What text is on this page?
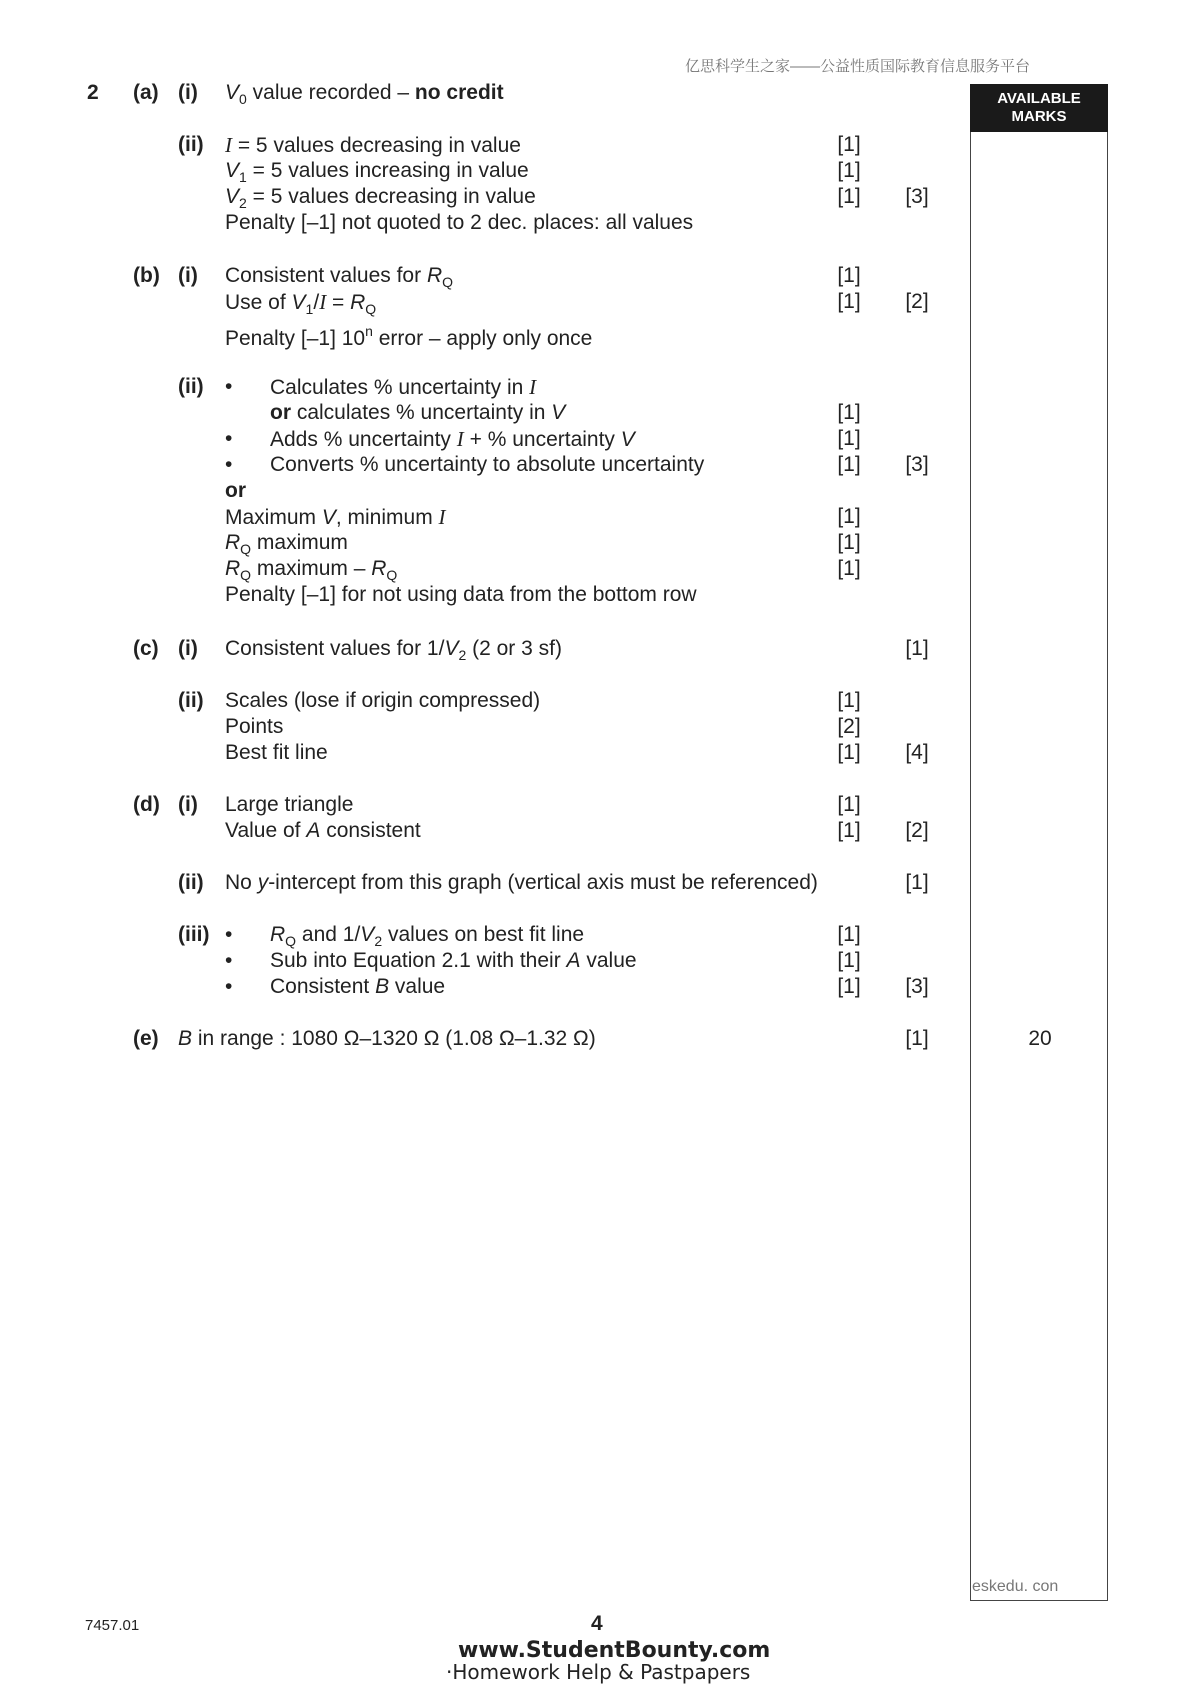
亿思科学生之家——公益性质国际教育信息服务平台
AVAILABLE
MARKS
2 (a) (i) $V_0$ value recorded – no credit
(ii) I = 5 values decreasing in value	[1]
$V_1 = 5$ values increasing in value	[1]
$V_2 = 5$ values decreasing in value	[1] [3]
Penalty [–1] not quoted to 2 dec. places: all values
(b) (i) Consistent values for $R_Q$	[1]
Use of $V_1/I = R_Q$	[1] [2]
Penalty [–1] 10$^n$ error – apply only once
(ii) • Calculates % uncertainty in I
or calculates % uncertainty in V	[1]
• Adds % uncertainty I + % uncertainty V	[1]
• Converts % uncertainty to absolute uncertainty	[1] [3]
or
Maximum V, minimum I	[1]
$R_Q$ maximum	[1]
$R_Q$ maximum – $R_Q$	[1]
Penalty [–1] for not using data from the bottom row
(c) (i) Consistent values for $1/V_2$ (2 or 3 sf)	[1]
(ii) Scales (lose if origin compressed)	[1]
Points	[2]
Best fit line	[1] [4]
(d) (i) Large triangle	[1]
Value of A consistent	[1] [2]
(ii) No y-intercept from this graph (vertical axis must be referenced)	[1]
(iii) • $R_Q$ and $1/V_2$ values on best fit line	[1]
• Sub into Equation 2.1 with their A value	[1]
• Consistent B value	[1] [3]
(e) B in range : 1080 Ω–1320 Ω (1.08 Ω–1.32 Ω)	[1]	20
eskedu. con
7457.01	4
www.StudentBounty.com
·Homework Help & Pastpapers
